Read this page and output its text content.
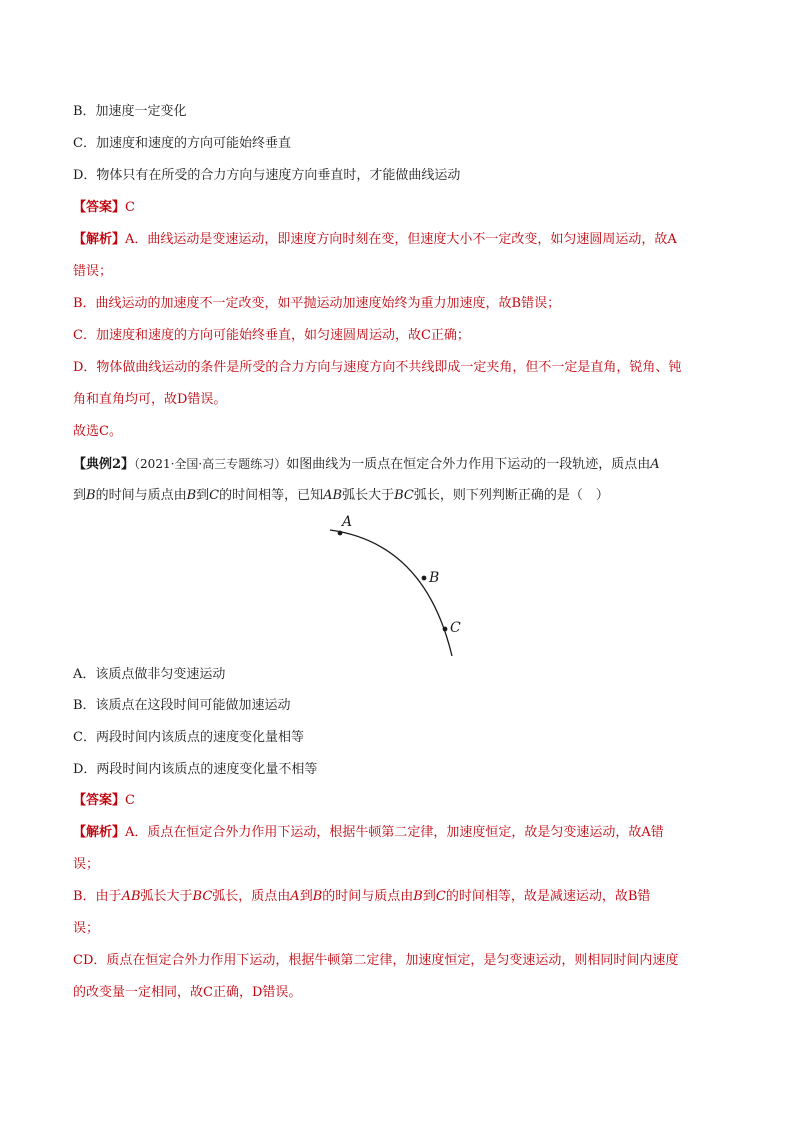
B．加速度一定变化
C．加速度和速度的方向可能始终垂直
D．物体只有在所受的合力方向与速度方向垂直时，才能做曲线运动
【答案】C
【解析】A．曲线运动是变速运动，即速度方向时刻在变，但速度大小不一定改变，如匀速圆周运动，故A
错误；
B．曲线运动的加速度不一定改变，如平抛运动加速度始终为重力加速度，故B错误；
C．加速度和速度的方向可能始终垂直，如匀速圆周运动，故C正确；
D．物体做曲线运动的条件是所受的合力方向与速度方向不共线即成一定夹角，但不一定是直角，锐角、钝
角和直角均可，故D错误。
故选C。
【典例2】（2021·全国·高三专题练习）如图曲线为一质点在恒定合外力作用下运动的一段轨迹，质点由A
到B的时间与质点由B到C的时间相等，已知AB弧长大于BC弧长，则下列判断正确的是（　）
A
B
C
A．该质点做非匀变速运动
B．该质点在这段时间可能做加速运动
C．两段时间内该质点的速度变化量相等
D．两段时间内该质点的速度变化量不相等
【答案】C
【解析】A．质点在恒定合外力作用下运动，根据牛顿第二定律，加速度恒定，故是匀变速运动，故A错
误；
B．由于AB弧长大于BC弧长，质点由A到B的时间与质点由B到C的时间相等，故是减速运动，故B错
误；
CD．质点在恒定合外力作用下运动，根据牛顿第二定律，加速度恒定，是匀变速运动，则相同时间内速度
的改变量一定相同，故C正确，D错误。
